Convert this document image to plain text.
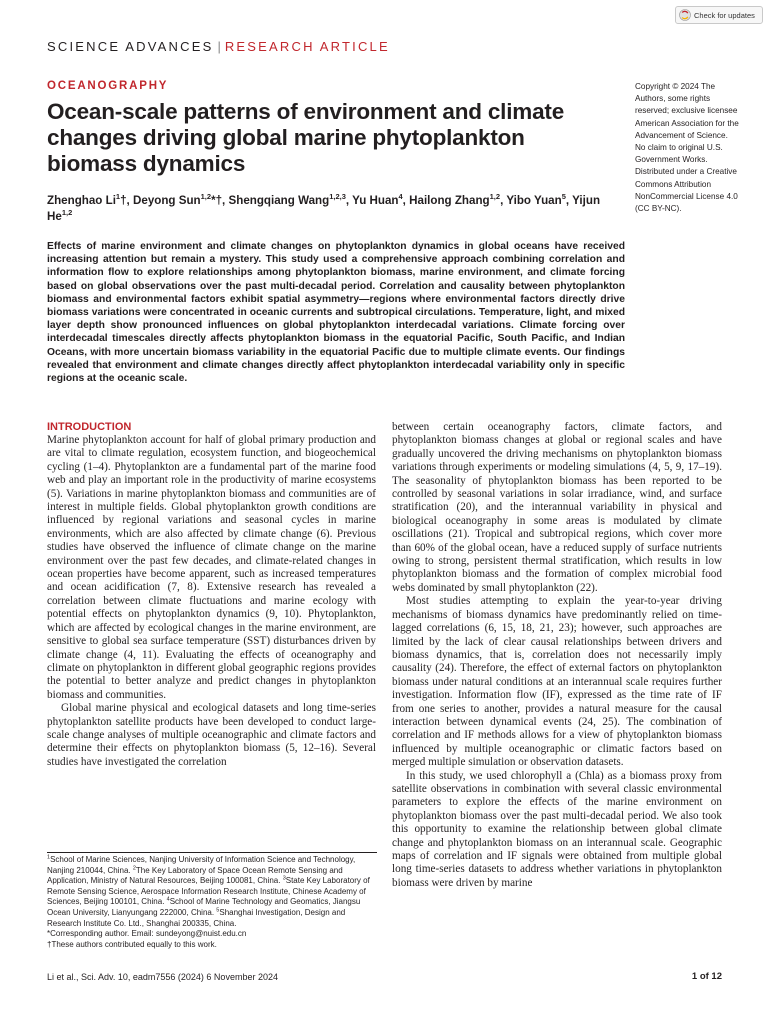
Check for updates
SCIENCE ADVANCES | RESEARCH ARTICLE
OCEANOGRAPHY
Ocean-scale patterns of environment and climate changes driving global marine phytoplankton biomass dynamics
Zhenghao Li$^1$†, Deyong Sun$^{1,2}$*†, Shengqiang Wang$^{1,2,3}$, Yu Huan$^4$, Hailong Zhang$^{1,2}$, Yibo Yuan$^5$, Yijun He$^{1,2}$
Copyright © 2024 The Authors, some rights reserved; exclusive licensee American Association for the Advancement of Science. No claim to original U.S. Government Works. Distributed under a Creative Commons Attribution NonCommercial License 4.0 (CC BY-NC).

Effects of marine environment and climate changes on phytoplankton dynamics in global oceans have received increasing attention but remain a mystery. This study used a comprehensive approach combining correlation and information flow to explore relationships among phytoplankton biomass, marine environment, and climate forcing based on global observations over the past multi-decadal period. Correlation and causality between phytoplankton biomass and environmental factors exhibit spatial asymmetry—regions where environmental factors directly drive biomass variations were concentrated in oceanic currents and subtropical circulations. Temperature, light, and mixed layer depth show pronounced influences on global phytoplankton interdecadal variations. Climate forcing over interdecadal timescales directly affects phytoplankton biomass in the equatorial Pacific, South Pacific, and Indian Oceans, with more uncertain biomass variability in the equatorial Pacific due to multiple climate events. Our findings revealed that environment and climate changes directly affect phytoplankton interdecadal variability only in specific regions at the oceanic scale.

INTRODUCTION

Marine phytoplankton account for half of global primary production and are vital to climate regulation, ecosystem function, and biogeochemical cycling (1–4). Phytoplankton are a fundamental part of the marine food web and play an important role in the productivity of marine ecosystems (5). Variations in marine phytoplankton biomass and communities are of interest in multiple fields. Global phytoplankton growth conditions are influenced by regional variations and seasonal cycles in marine environments, which are also affected by climate change (6). Previous studies have observed the influence of climate change on the marine environment over the past few decades, and climate-related changes in ocean properties have become apparent, such as increased temperatures and ocean acidification (7, 8). Extensive research has revealed a correlation between climate fluctuations and marine ecology with potential effects on phytoplankton dynamics (9, 10). Phytoplankton, which are affected by ecological changes in the marine environment, are sensitive to global sea surface temperature (SST) disturbances driven by climate change (4, 11). Evaluating the effects of oceanography and climate on phytoplankton in different global geographic regions provides the potential to better analyze and predict changes in phytoplankton biomass and communities.

Global marine physical and ecological datasets and long time-series phytoplankton satellite products have been developed to conduct large-scale change analyses of multiple oceanographic and climate factors and determine their effects on phytoplankton biomass (5, 12–16). Several studies have investigated the correlation

between certain oceanography factors, climate factors, and phytoplankton biomass changes at global or regional scales and have gradually uncovered the driving mechanisms on phytoplankton biomass variations through experiments or modeling simulations (4, 5, 9, 17–19). The seasonality of phytoplankton biomass has been reported to be controlled by seasonal variations in solar irradiance, wind, and surface stratification (20), and the interannual variability in physical and biological oceanography in some areas is modulated by climate oscillations (21). Tropical and subtropical regions, which cover more than 60% of the global ocean, have a reduced supply of surface nutrients owing to strong, persistent thermal stratification, which results in low phytoplankton biomass and the formation of complex microbial food webs dominated by small phytoplankton (22).

Most studies attempting to explain the year-to-year driving mechanisms of biomass dynamics have predominantly relied on time-lagged correlations (6, 15, 18, 21, 23); however, such approaches are limited by the lack of clear causal relationships between drivers and biomass dynamics, that is, correlation does not necessarily imply causality (24). Therefore, the effect of external factors on phytoplankton biomass under natural conditions at an interannual scale requires further investigation. Information flow (IF), expressed as the time rate of IF from one series to another, provides a natural measure for the causal interaction between dynamical events (24, 25). The combination of correlation and IF methods allows for a view of phytoplankton biomass influenced by multiple oceanographic or climatic factors based on merged multiple simulation or observation datasets.

In this study, we used chlorophyll a (Chla) as a biomass proxy from satellite observations in combination with several classic environmental parameters to explore the effects of the marine environment on phytoplankton biomass over the past multi-decadal period. We also took this opportunity to examine the relationship between global climate change and phytoplankton biomass on an interannual scale. Geographic maps of correlation and IF signals were obtained from multiple global long time-series datasets to address whether variations in phytoplankton biomass were driven by marine

$^1$School of Marine Sciences, Nanjing University of Information Science and Technology, Nanjing 210044, China. $^2$The Key Laboratory of Space Ocean Remote Sensing and Application, Ministry of Natural Resources, Beijing 100081, China. $^3$State Key Laboratory of Remote Sensing Science, Aerospace Information Research Institute, Chinese Academy of Sciences, Beijing 100101, China. $^4$School of Marine Technology and Geomatics, Jiangsu Ocean University, Lianyungang 222000, China. $^5$Shanghai Investigation, Design and Research Institute Co. Ltd., Shanghai 200335, China.
*Corresponding author. Email: sundeyong@nuist.edu.cn
†These authors contributed equally to this work.
Li et al., Sci. Adv. 10, eadm7556 (2024) 6 November 2024	1 of 12
